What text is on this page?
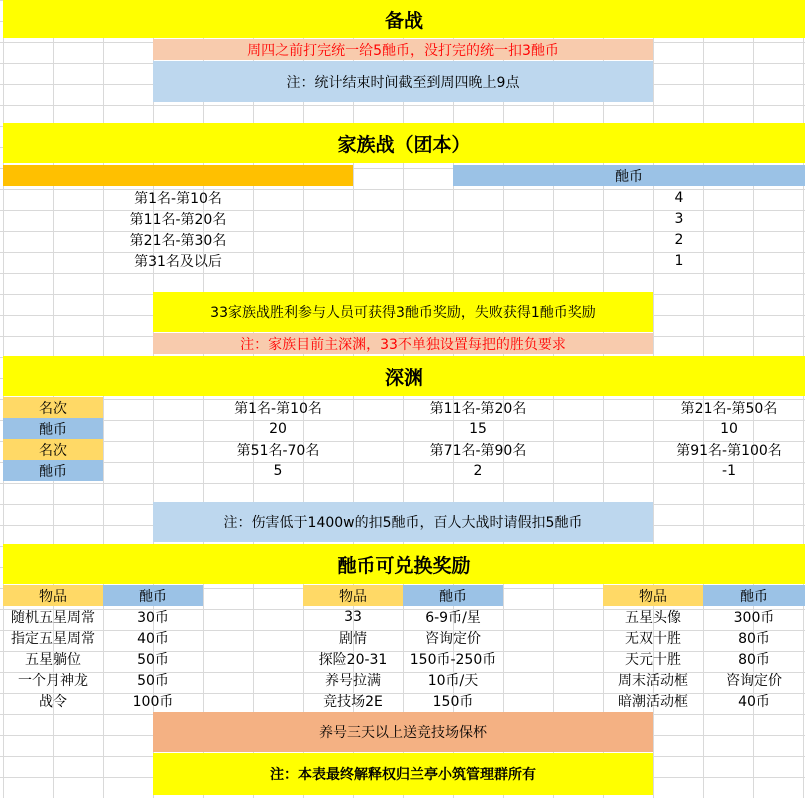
备战
周四之前打完统一给5酏币，没打完的统一扣3酏币
注：统计结束时间截至到周四晚上9点
家族战（团本）
酏币
第1名-第10名	4
第11名-第20名	3
第21名-第30名	2
第31名及以后	1
33家族战胜利参与人员可获得3酏币奖励，失败获得1酏币奖励
注：家族目前主深渊，33不单独设置每把的胜负要求
深渊
名次	第1名-第10名	第11名-第20名	第21名-第50名
酏币	20	15	10
名次	第51名-70名	第71名-第90名	第91名-第100名
酏币	5	2	-1
注：伤害低于1400w的扣5酏币，百人大战时请假扣5酏币
酏币可兑换奖励
物品	酏币	物品	酏币	物品	酏币
随机五星周常	30币	33	6-9币/星	五星头像	300币
指定五星周常	40币	剧情	咨询定价	无双十胜	80币
五星躺位	50币	探险20-31	150币-250币	天元十胜	80币
一个月神龙	50币	养号拉满	10币/天	周末活动框	咨询定价
战令	100币	竞技场2E	150币	暗潮活动框	40币
养号三天以上送竞技场保杯
注：本表最终解释权归兰亭小筑管理群所有
